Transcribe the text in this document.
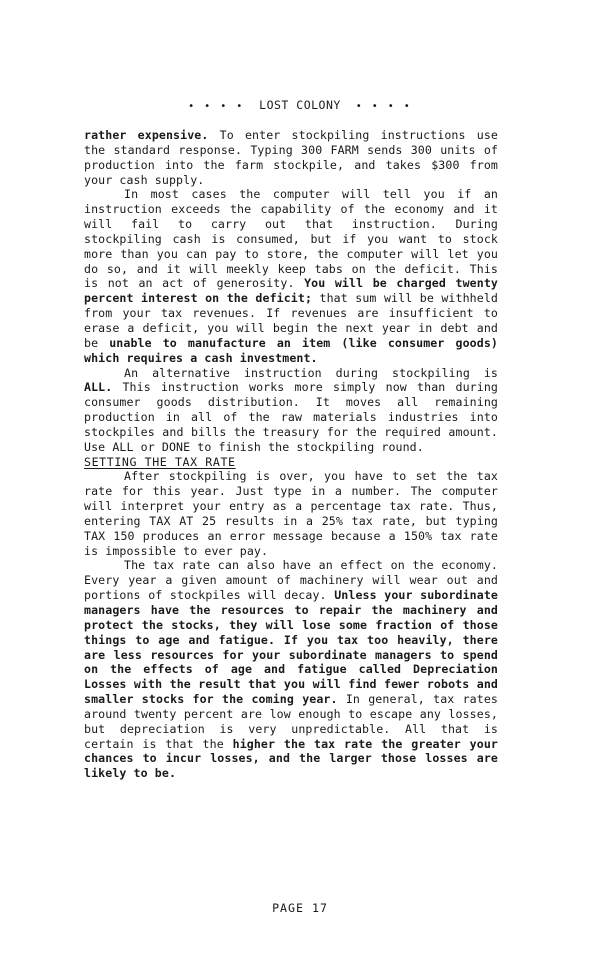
• • • • LOST COLONY • • • •

rather expensive. To enter stockpiling instructions use the standard response. Typing 300 FARM sends 300 units of production into the farm stockpile, and takes $300 from your cash supply.

In most cases the computer will tell you if an instruction exceeds the capability of the economy and it will fail to carry out that instruction. During stockpiling cash is consumed, but if you want to stock more than you can pay to store, the computer will let you do so, and it will meekly keep tabs on the deficit. This is not an act of generosity. You will be charged twenty percent interest on the deficit; that sum will be withheld from your tax revenues. If revenues are insufficient to erase a deficit, you will begin the next year in debt and be unable to manufacture an item (like consumer goods) which requires a cash investment.

An alternative instruction during stockpiling is ALL. This instruction works more simply now than during consumer goods distribution. It moves all remaining production in all of the raw materials industries into stockpiles and bills the treasury for the required amount. Use ALL or DONE to finish the stockpiling round.

SETTING THE TAX RATE

After stockpiling is over, you have to set the tax rate for this year. Just type in a number. The computer will interpret your entry as a percentage tax rate. Thus, entering TAX AT 25 results in a 25% tax rate, but typing TAX 150 produces an error message because a 150% tax rate is impossible to ever pay.

The tax rate can also have an effect on the economy. Every year a given amount of machinery will wear out and portions of stockpiles will decay. Unless your subordinate managers have the resources to repair the machinery and protect the stocks, they will lose some fraction of those things to age and fatigue. If you tax too heavily, there are less resources for your subordinate managers to spend on the effects of age and fatigue called Depreciation Losses with the result that you will find fewer robots and smaller stocks for the coming year. In general, tax rates around twenty percent are low enough to escape any losses, but depreciation is very unpredictable. All that is certain is that the higher the tax rate the greater your chances to incur losses, and the larger those losses are likely to be.

PAGE 17
